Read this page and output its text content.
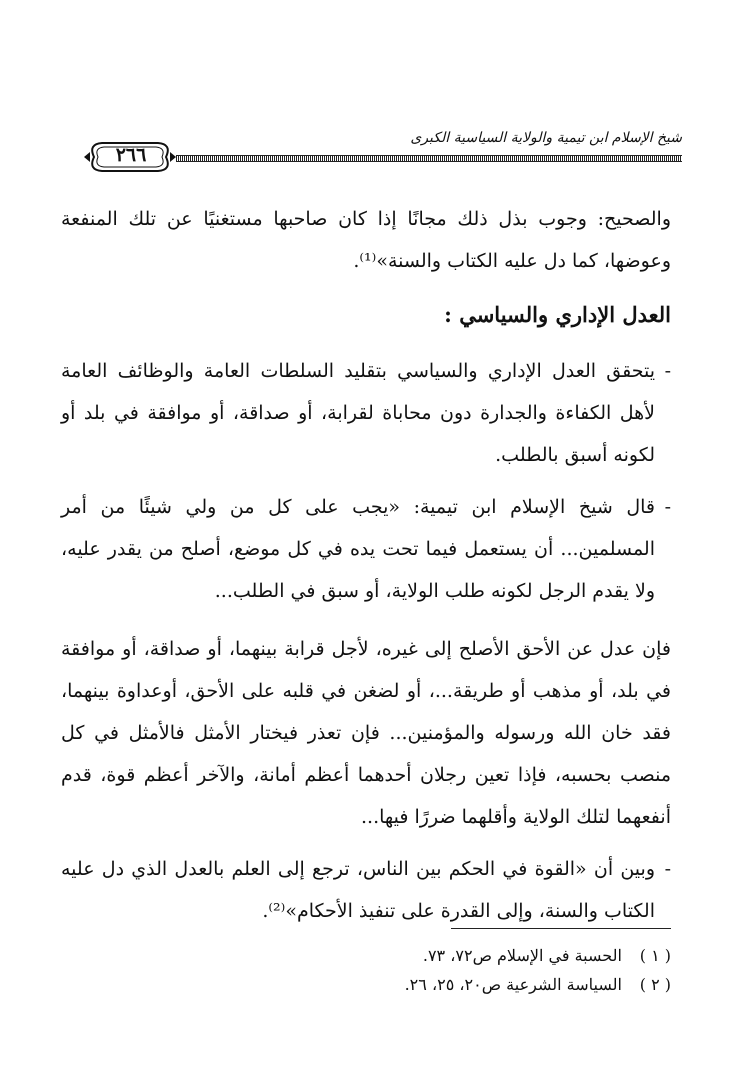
شيخ الإسلام ابن تيمية والولاية السياسية الكبرى
٢٦٦

والصحيح: وجوب بذل ذلك مجانًا إذا كان صاحبها مستغنيًا عن تلك المنفعة وعوضها، كما دل عليه الكتاب والسنة»⁽¹⁾.

العدل الإداري والسياسي :

- يتحقق العدل الإداري والسياسي بتقليد السلطات العامة والوظائف العامة لأهل الكفاءة والجدارة دون محاباة لقرابة، أو صداقة، أو موافقة في بلد أو لكونه أسبق بالطلب.

- قال شيخ الإسلام ابن تيمية: «يجب على كل من ولي شيئًا من أمر المسلمين... أن يستعمل فيما تحت يده في كل موضع، أصلح من يقدر عليه، ولا يقدم الرجل لكونه طلب الولاية، أو سبق في الطلب...

فإن عدل عن الأحق الأصلح إلى غيره، لأجل قرابة بينهما، أو صداقة، أو موافقة في بلد، أو مذهب أو طريقة...، أو لضغن في قلبه على الأحق، أوعداوة بينهما، فقد خان الله ورسوله والمؤمنين... فإن تعذر فيختار الأمثل فالأمثل في كل منصب بحسبه، فإذا تعين رجلان أحدهما أعظم أمانة، والآخر أعظم قوة، قدم أنفعهما لتلك الولاية وأقلهما ضررًا فيها...

- وبين أن «القوة في الحكم بين الناس، ترجع إلى العلم بالعدل الذي دل عليه الكتاب والسنة، وإلى القدرة على تنفيذ الأحكام»⁽²⁾.

( ١ ) الحسبة في الإسلام ص٧٢، ٧٣.

( ٢ ) السياسة الشرعية ص٢٠، ٢٥، ٢٦.
